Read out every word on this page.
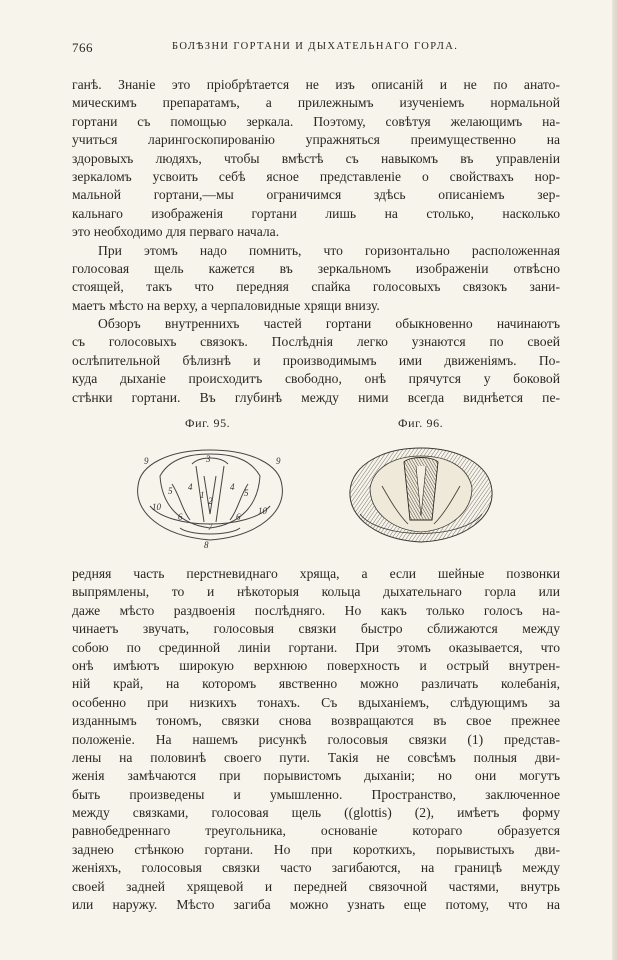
766	БОЛѢЗНИ ГОРТАНИ И ДЫХАТЕЛЬНАГО ГОРЛА.
ганѣ. Знаніе это пріобрѣтается не изъ описаній и не по анато-
мическимъ препаратамъ, а прилежнымъ изученіемъ нормальной
гортани съ помощью зеркала. Поэтому, совѣтуя желающимъ на-
учиться ларингоскопированію упражняться преимущественно на
здоровыхъ людяхъ, чтобы вмѣстѣ съ навыкомъ въ управленіи
зеркаломъ усвоить себѣ ясное представленіе о свойствахъ нор-
мальной гортани,—мы ограничимся здѣсь описаніемъ зер-
кальнаго изображенія гортани лишь на столько, насколько
это необходимо для перваго начала.
При этомъ надо помнить, что горизонтально расположенная
голосовая щель кажется въ зеркальномъ изображеніи отвѣсно
стоящей, такъ что передняя спайка голосовыхъ связокъ зани-
маетъ мѣсто на верху, а черпаловидные хрящи внизу.
Обзоръ внутреннихъ частей гортани обыкновенно начинаютъ
съ голосовыхъ связокъ. Послѣднія легко узнаются по своей
ослѣпительной бѣлизнѣ и производимымъ ими движеніямъ. По-
куда дыханіе происходитъ свободно, онѣ прячутся у боковой
стѣнки гортани. Въ глубинѣ между ними всегда виднѣется пе-
Фиг. 95.
9	3
5 4
1
2
4
5
6	6
10	10
7
8
9
Фиг. 96.
редняя часть перстневиднаго хряща, а если шейные позвонки
выпрямлены, то и нѣкоторыя кольца дыхательнаго горла или
даже мѣсто раздвоенія послѣдняго. Но какъ только голосъ на-
чинаетъ звучать, голосовыя связки быстро сближаются между
собою по срединной линіи гортани. При этомъ оказывается, что
онѣ имѣютъ широкую верхнюю поверхность и острый внутрен-
ній край, на которомъ явственно можно различать колебанія,
особенно при низкихъ тонахъ. Съ вдыханіемъ, слѣдующимъ за
изданнымъ тономъ, связки снова возвращаются въ свое прежнее
положеніе. На нашемъ рисункѣ голосовыя связки (1) представ-
лены на половинѣ своего пути. Такія не совсѣмъ полныя дви-
женія замѣчаются при порывистомъ дыханіи; но они могутъ
быть произведены и умышленно. Пространство, заключенное
между связками, голосовая щель ((glottis) (2), имѣетъ форму
равнобедреннаго треугольника, основаніе котораго образуется
заднею стѣнкою гортани. Но при короткихъ, порывистыхъ дви-
женіяхъ, голосовыя связки часто загибаются, на границѣ между
своей задней хрящевой и передней связочной частями, внутрь
или наружу. Мѣсто загиба можно узнать еще потому, что на
